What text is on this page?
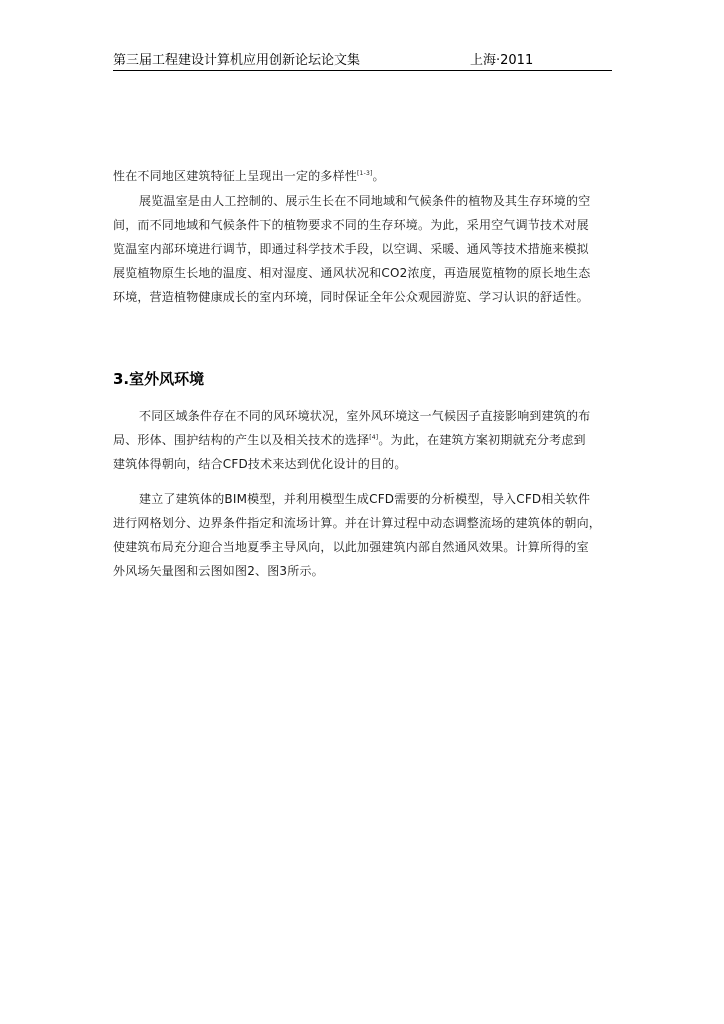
第三届工程建设计算机应用创新论坛论文集	上海·2011
性在不同地区建筑特征上呈现出一定的多样性[1-3]。
展览温室是由人工控制的、展示生长在不同地域和气候条件的植物及其生存环境的空
间，而不同地域和气候条件下的植物要求不同的生存环境。为此，采用空气调节技术对展
览温室内部环境进行调节，即通过科学技术手段，以空调、采暖、通风等技术措施来模拟
展览植物原生长地的温度、相对湿度、通风状况和CO2浓度，再造展览植物的原长地生态
环境，营造植物健康成长的室内环境，同时保证全年公众观园游览、学习认识的舒适性。
3.室外风环境
不同区域条件存在不同的风环境状况，室外风环境这一气候因子直接影响到建筑的布
局、形体、围护结构的产生以及相关技术的选择[4]。为此，在建筑方案初期就充分考虑到
建筑体得朝向，结合CFD技术来达到优化设计的目的。
建立了建筑体的BIM模型，并利用模型生成CFD需要的分析模型，导入CFD相关软件
进行网格划分、边界条件指定和流场计算。并在计算过程中动态调整流场的建筑体的朝向，
使建筑布局充分迎合当地夏季主导风向，以此加强建筑内部自然通风效果。计算所得的室
外风场矢量图和云图如图2、图3所示。
